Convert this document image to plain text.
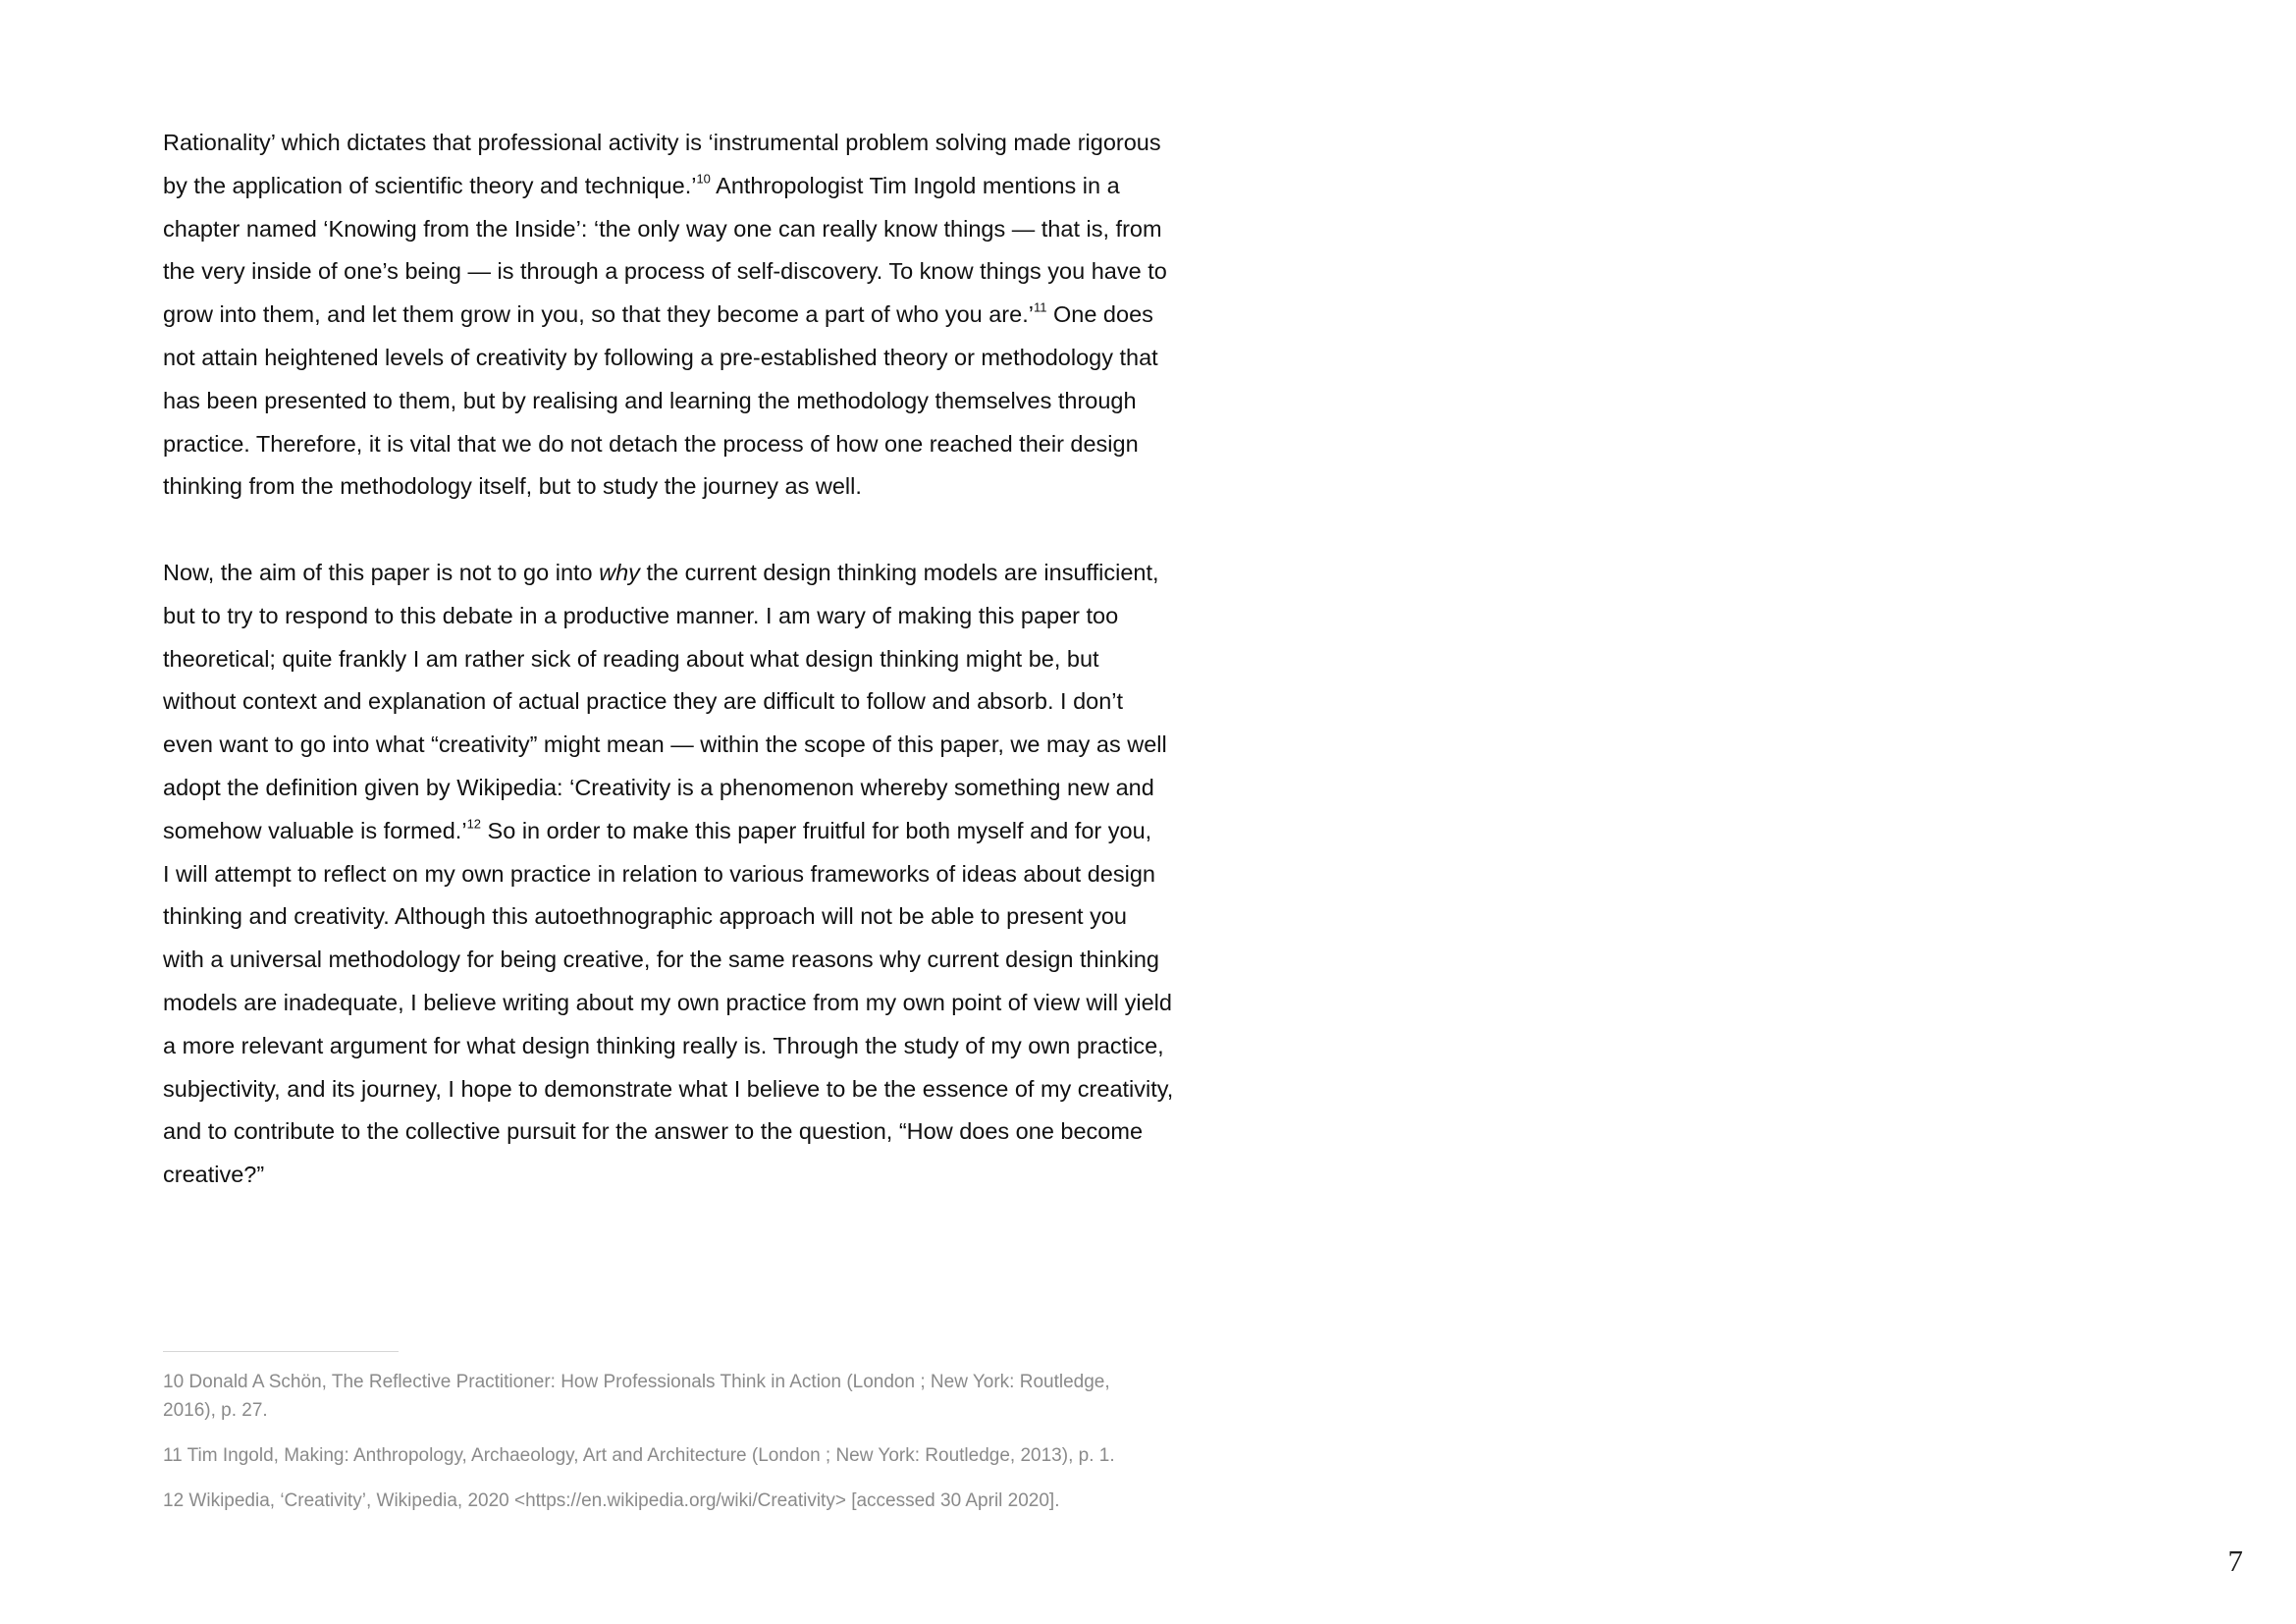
Rationality’ which dictates that professional activity is ‘instrumental problem solving made rigorous
by the application of scientific theory and technique.’$^{10}$ Anthropologist Tim Ingold mentions in a
chapter named ‘Knowing from the Inside’: ‘the only way one can really know things — that is, from
the very inside of one’s being — is through a process of self-discovery. To know things you have to
grow into them, and let them grow in you, so that they become a part of who you are.’$^{11}$ One does
not attain heightened levels of creativity by following a pre-established theory or methodology that
has been presented to them, but by realising and learning the methodology themselves through
practice. Therefore, it is vital that we do not detach the process of how one reached their design
thinking from the methodology itself, but to study the journey as well.
Now, the aim of this paper is not to go into why the current design thinking models are insufficient,
but to try to respond to this debate in a productive manner. I am wary of making this paper too
theoretical; quite frankly I am rather sick of reading about what design thinking might be, but
without context and explanation of actual practice they are difficult to follow and absorb. I don’t
even want to go into what “creativity” might mean — within the scope of this paper, we may as well
adopt the definition given by Wikipedia: ‘Creativity is a phenomenon whereby something new and
somehow valuable is formed.’$^{12}$ So in order to make this paper fruitful for both myself and for you,
I will attempt to reflect on my own practice in relation to various frameworks of ideas about design
thinking and creativity. Although this autoethnographic approach will not be able to present you
with a universal methodology for being creative, for the same reasons why current design thinking
models are inadequate, I believe writing about my own practice from my own point of view will yield
a more relevant argument for what design thinking really is. Through the study of my own practice,
subjectivity, and its journey, I hope to demonstrate what I believe to be the essence of my creativity,
and to contribute to the collective pursuit for the answer to the question, “How does one become
creative?”
10 Donald A Schön, The Reflective Practitioner: How Professionals Think in Action (London ; New York: Routledge,
2016), p. 27.
11 Tim Ingold, Making: Anthropology, Archaeology, Art and Architecture (London ; New York: Routledge, 2013), p. 1.
12 Wikipedia, ‘Creativity’, Wikipedia, 2020 <https://en.wikipedia.org/wiki/Creativity> [accessed 30 April 2020].
7
